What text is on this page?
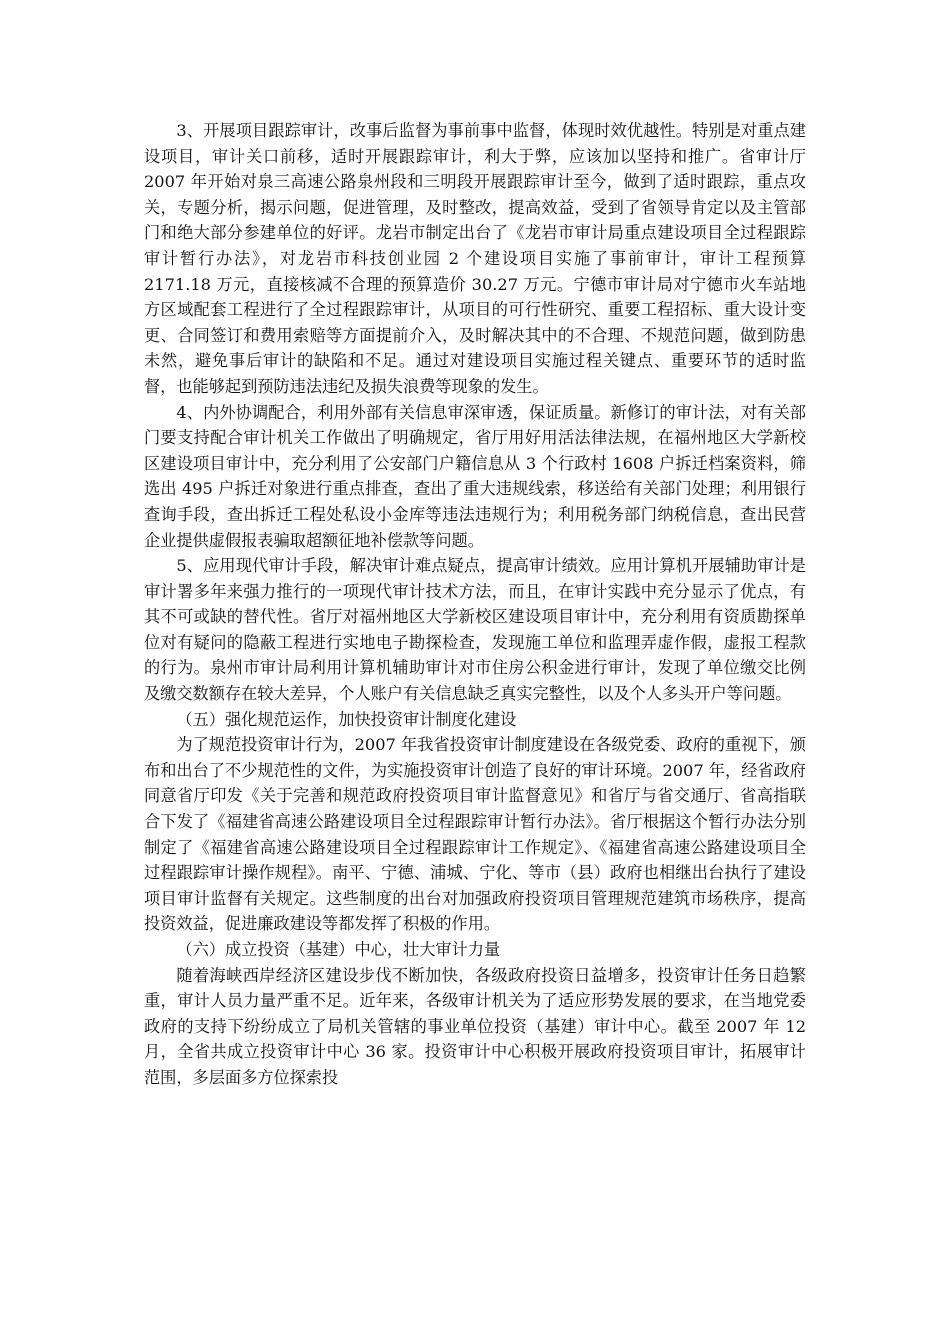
3、开展项目跟踪审计，改事后监督为事前事中监督，体现时效优越性。特别是对重点建设项目，审计关口前移，适时开展跟踪审计，利大于弊，应该加以坚持和推广。省审计厅 2007 年开始对泉三高速公路泉州段和三明段开展跟踪审计至今，做到了适时跟踪，重点攻关，专题分析，揭示问题，促进管理，及时整改，提高效益，受到了省领导肯定以及主管部门和绝大部分参建单位的好评。龙岩市制定出台了《龙岩市审计局重点建设项目全过程跟踪审计暂行办法》，对龙岩市科技创业园 2 个建设项目实施了事前审计，审计工程预算 2171.18 万元，直接核减不合理的预算造价 30.27 万元。宁德市审计局对宁德市火车站地方区域配套工程进行了全过程跟踪审计，从项目的可行性研究、重要工程招标、重大设计变更、合同签订和费用索赔等方面提前介入，及时解决其中的不合理、不规范问题，做到防患未然，避免事后审计的缺陷和不足。通过对建设项目实施过程关键点、重要环节的适时监督，也能够起到预防违法违纪及损失浪费等现象的发生。

4、内外协调配合，利用外部有关信息审深审透，保证质量。新修订的审计法，对有关部门要支持配合审计机关工作做出了明确规定，省厅用好用活法律法规，在福州地区大学新校区建设项目审计中，充分利用了公安部门户籍信息从 3 个行政村 1608 户拆迁档案资料，筛选出 495 户拆迁对象进行重点排查，查出了重大违规线索，移送给有关部门处理；利用银行查询手段，查出拆迁工程处私设小金库等违法违规行为；利用税务部门纳税信息，查出民营企业提供虚假报表骗取超额征地补偿款等问题。

5、应用现代审计手段，解决审计难点疑点，提高审计绩效。应用计算机开展辅助审计是审计署多年来强力推行的一项现代审计技术方法，而且，在审计实践中充分显示了优点，有其不可或缺的替代性。省厅对福州地区大学新校区建设项目审计中，充分利用有资质勘探单位对有疑问的隐蔽工程进行实地电子勘探检查，发现施工单位和监理弄虚作假，虚报工程款的行为。泉州市审计局利用计算机辅助审计对市住房公积金进行审计，发现了单位缴交比例及缴交数额存在较大差异，个人账户有关信息缺乏真实完整性，以及个人多头开户等问题。

（五）强化规范运作，加快投资审计制度化建设

为了规范投资审计行为，2007 年我省投资审计制度建设在各级党委、政府的重视下，颁布和出台了不少规范性的文件，为实施投资审计创造了良好的审计环境。2007 年，经省政府同意省厅印发《关于完善和规范政府投资项目审计监督意见》和省厅与省交通厅、省高指联合下发了《福建省高速公路建设项目全过程跟踪审计暂行办法》。省厅根据这个暂行办法分别制定了《福建省高速公路建设项目全过程跟踪审计工作规定》、《福建省高速公路建设项目全过程跟踪审计操作规程》。南平、宁德、浦城、宁化、等市（县）政府也相继出台执行了建设项目审计监督有关规定。这些制度的出台对加强政府投资项目管理规范建筑市场秩序，提高投资效益，促进廉政建设等都发挥了积极的作用。

（六）成立投资（基建）中心，壮大审计力量

随着海峡西岸经济区建设步伐不断加快，各级政府投资日益增多，投资审计任务日趋繁重，审计人员力量严重不足。近年来，各级审计机关为了适应形势发展的要求，在当地党委政府的支持下纷纷成立了局机关管辖的事业单位投资（基建）审计中心。截至 2007 年 12 月，全省共成立投资审计中心 36 家。投资审计中心积极开展政府投资项目审计，拓展审计范围，多层面多方位探索投
